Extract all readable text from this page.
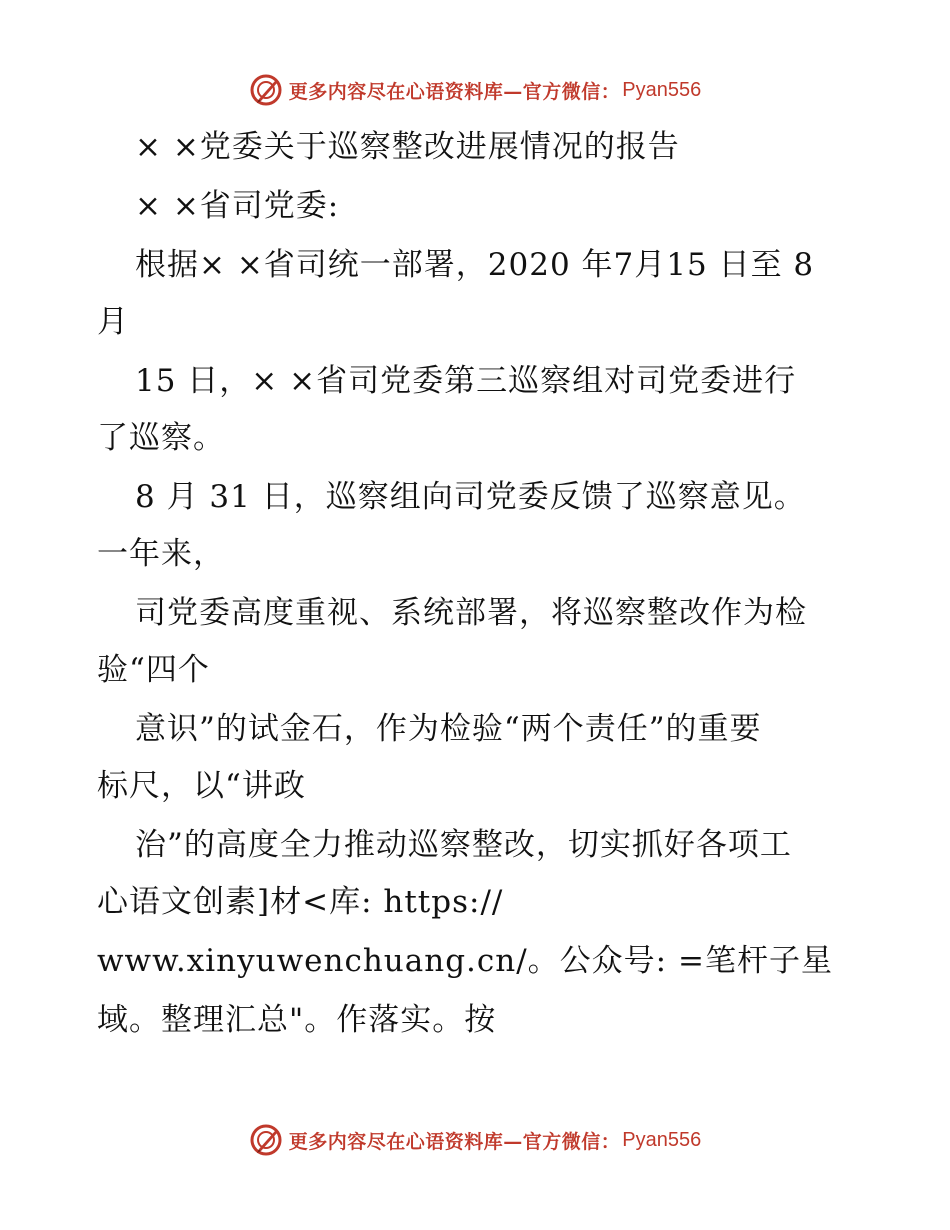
更多内容尽在心语资料库—官方微信： Pyan556
× ×党委关于巡察整改进展情况的报告
× ×省司党委:
根据× ×省司统一部署，2020 年7月15 日至 8
月
15 日，× ×省司党委第三巡察组对司党委进行
了巡察。
8 月 31 日，巡察组向司党委反馈了巡察意见。
一年来，
司党委高度重视、系统部署，将巡察整改作为检
验“四个
意识”的试金石，作为检验“两个责任”的重要
标尺，以“讲政
治”的高度全力推动巡察整改，切实抓好各项工
心语文创素]材<库: https://
www.xinyuwenchuang.cn/。公众号: =笔杆子星
域。整理汇总"。作落实。按
更多内容尽在心语资料库—官方微信： Pyan556
